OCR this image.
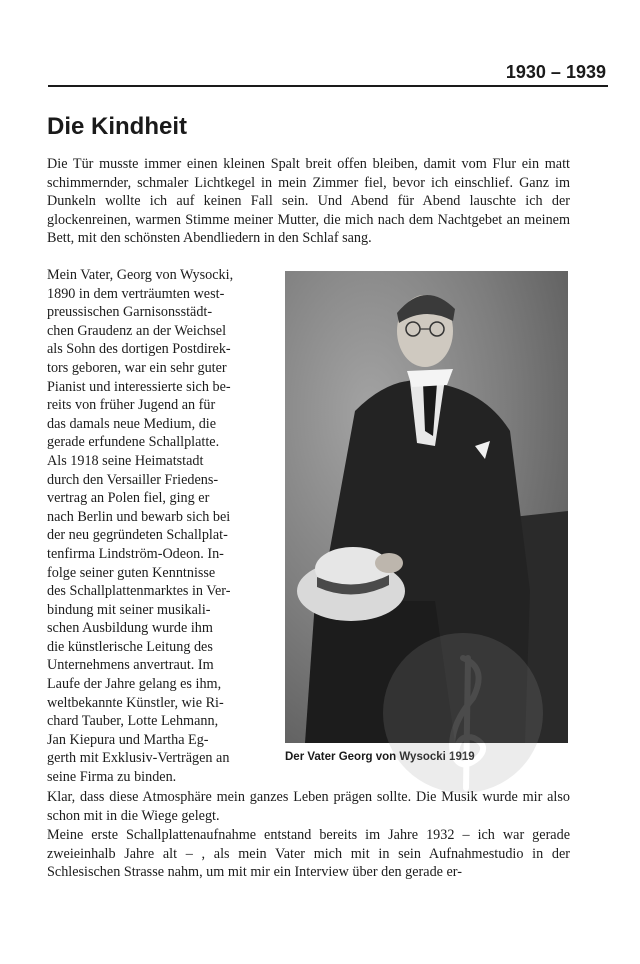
1930 – 1939
Die Kindheit

Die Tür musste immer einen kleinen Spalt breit offen bleiben, damit vom Flur ein matt schimmernder, schmaler Lichtkegel in mein Zimmer fiel, bevor ich einschlief. Ganz im Dunkeln wollte ich auf keinen Fall sein. Und Abend für Abend lauschte ich der glockenreinen, warmen Stimme meiner Mutter, die mich nach dem Nachtgebet an meinem Bett, mit den schönsten Abendliedern in den Schlaf sang.

Mein Vater, Georg von Wysocki,
1890 in dem verträumten west-
preussischen Garnisonsstädt-
chen Graudenz an der Weichsel
als Sohn des dortigen Postdirek-
tors geboren, war ein sehr guter
Pianist und interessierte sich be-
reits von früher Jugend an für
das damals neue Medium, die
gerade erfundene Schallplatte.
Als 1918 seine Heimatstadt
durch den Versailler Friedens-
vertrag an Polen fiel, ging er
nach Berlin und bewarb sich bei
der neu gegründeten Schallplat-
tenfirma Lindström-Odeon. In-
folge seiner guten Kenntnisse
des Schallplattenmarktes in Ver-
bindung mit seiner musikali-
schen Ausbildung wurde ihm
die künstlerische Leitung des
Unternehmens anvertraut. Im
Laufe der Jahre gelang es ihm,
weltbekannte Künstler, wie Ri-
chard Tauber, Lotte Lehmann,
Jan Kiepura und Martha Eg-
gerth mit Exklusiv-Verträgen an
seine Firma zu binden.
Der Vater Georg von Wysocki 1919

Klar, dass diese Atmosphäre mein ganzes Leben prägen sollte. Die Musik wurde mir also schon mit in die Wiege gelegt.

Meine erste Schallplattenaufnahme entstand bereits im Jahre 1932 – ich war gerade zweieinhalb Jahre alt – , als mein Vater mich mit in sein Aufnahmestudio in der Schlesischen Strasse nahm, um mit mir ein Interview über den gerade er-
